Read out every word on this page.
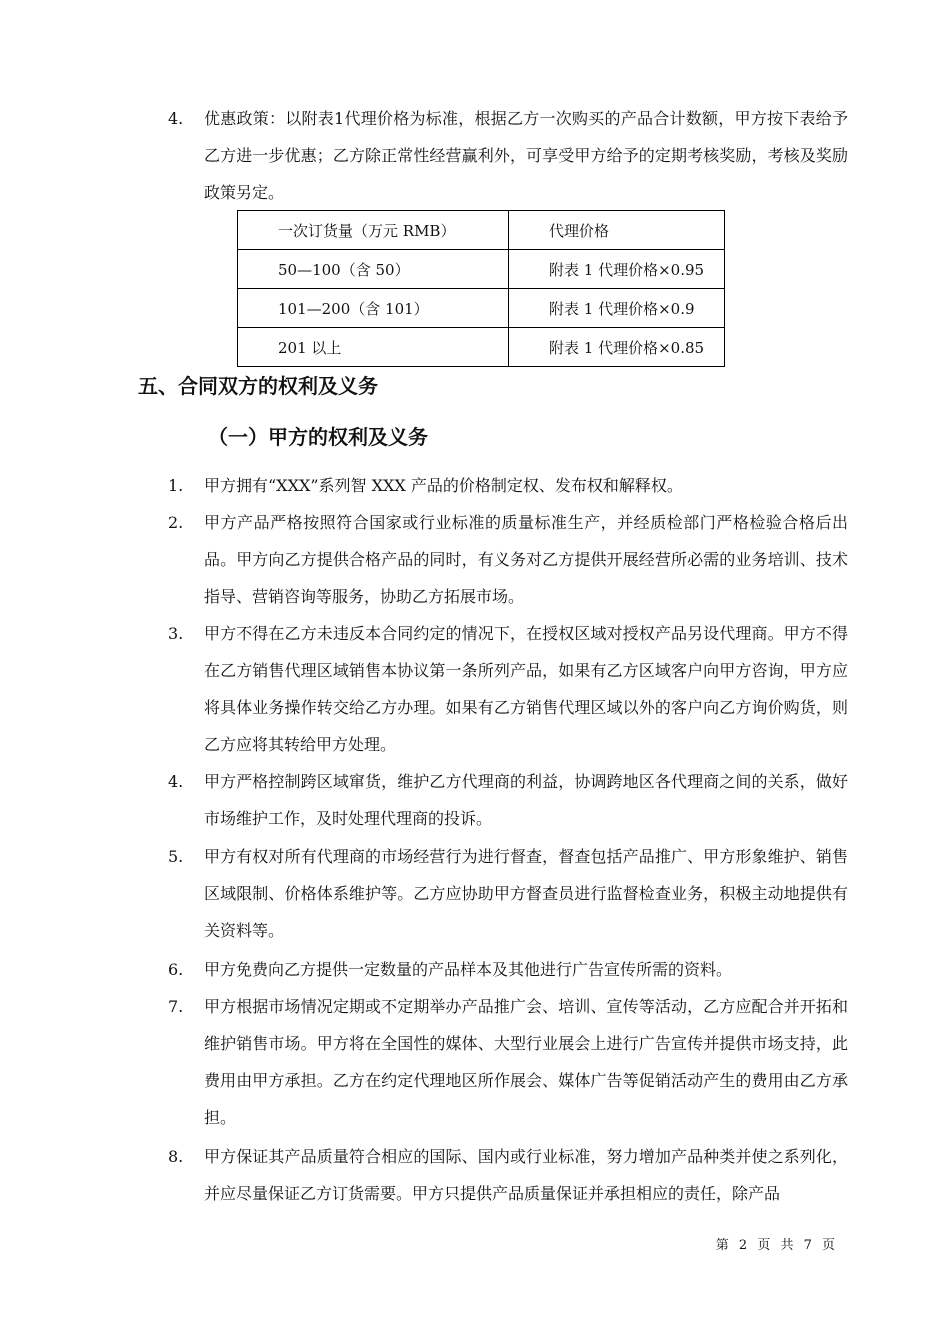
4. 优惠政策：以附表1代理价格为标准，根据乙方一次购买的产品合计数额，甲方按下表给予乙方进一步优惠；乙方除正常性经营赢利外，可享受甲方给予的定期考核奖励，考核及奖励政策另定。
一次订货量（万元 RMB）	代理价格
50—100（含 50）	附表 1 代理价格×0.95
101—200（含 101）	附表 1 代理价格×0.9
201 以上	附表 1 代理价格×0.85
五、合同双方的权利及义务
（一）甲方的权利及义务
1. 甲方拥有“XXX”系列智 XXX 产品的价格制定权、发布权和解释权。
2. 甲方产品严格按照符合国家或行业标准的质量标准生产，并经质检部门严格检验合格后出品。甲方向乙方提供合格产品的同时，有义务对乙方提供开展经营所必需的业务培训、技术指导、营销咨询等服务，协助乙方拓展市场。
3. 甲方不得在乙方未违反本合同约定的情况下，在授权区域对授权产品另设代理商。甲方不得在乙方销售代理区域销售本协议第一条所列产品，如果有乙方区域客户向甲方咨询，甲方应将具体业务操作转交给乙方办理。如果有乙方销售代理区域以外的客户向乙方询价购货，则乙方应将其转给甲方处理。
4. 甲方严格控制跨区域窜货，维护乙方代理商的利益，协调跨地区各代理商之间的关系，做好市场维护工作，及时处理代理商的投诉。
5. 甲方有权对所有代理商的市场经营行为进行督查，督查包括产品推广、甲方形象维护、销售区域限制、价格体系维护等。乙方应协助甲方督查员进行监督检查业务，积极主动地提供有关资料等。
6. 甲方免费向乙方提供一定数量的产品样本及其他进行广告宣传所需的资料。
7. 甲方根据市场情况定期或不定期举办产品推广会、培训、宣传等活动，乙方应配合并开拓和维护销售市场。甲方将在全国性的媒体、大型行业展会上进行广告宣传并提供市场支持，此费用由甲方承担。乙方在约定代理地区所作展会、媒体广告等促销活动产生的费用由乙方承担。
8. 甲方保证其产品质量符合相应的国际、国内或行业标准，努力增加产品种类并使之系列化，并应尽量保证乙方订货需要。甲方只提供产品质量保证并承担相应的责任，除产品
第 2 页 共 7 页
